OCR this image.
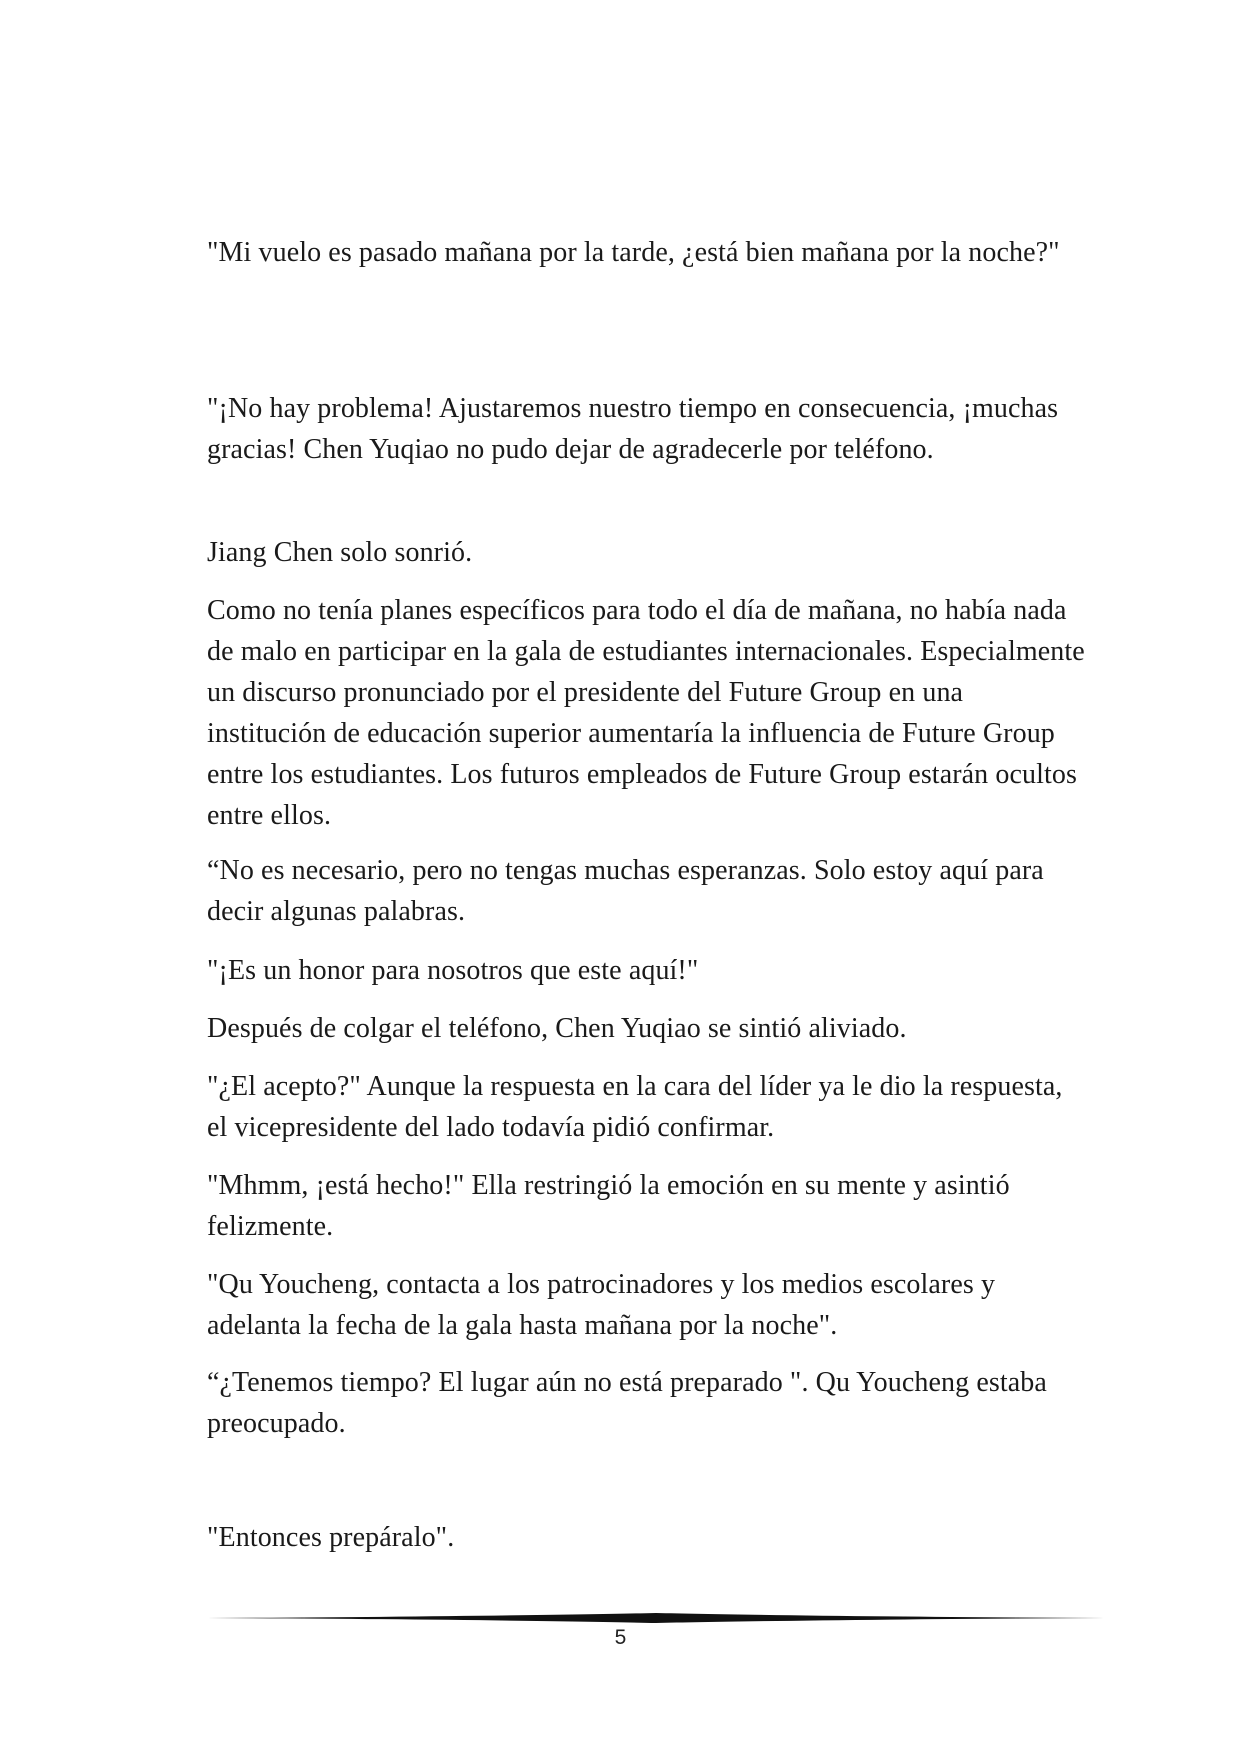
"Mi vuelo es pasado mañana por la tarde, ¿está bien mañana por la noche?"

"¡No hay problema! Ajustaremos nuestro tiempo en consecuencia, ¡muchas gracias! Chen Yuqiao no pudo dejar de agradecerle por teléfono.

Jiang Chen solo sonrió.

Como no tenía planes específicos para todo el día de mañana, no había nada de malo en participar en la gala de estudiantes internacionales. Especialmente un discurso pronunciado por el presidente del Future Group en una institución de educación superior aumentaría la influencia de Future Group entre los estudiantes. Los futuros empleados de Future Group estarán ocultos entre ellos.

“No es necesario, pero no tengas muchas esperanzas. Solo estoy aquí para decir algunas palabras.

"¡Es un honor para nosotros que este aquí!"

Después de colgar el teléfono, Chen Yuqiao se sintió aliviado.

"¿El acepto?" Aunque la respuesta en la cara del líder ya le dio la respuesta, el vicepresidente del lado todavía pidió confirmar.

"Mhmm, ¡está hecho!" Ella restringió la emoción en su mente y asintió felizmente.

"Qu Youcheng, contacta a los patrocinadores y los medios escolares y adelanta la fecha de la gala hasta mañana por la noche".

“¿Tenemos tiempo? El lugar aún no está preparado ". Qu Youcheng estaba preocupado.

"Entonces prepáralo".

5
